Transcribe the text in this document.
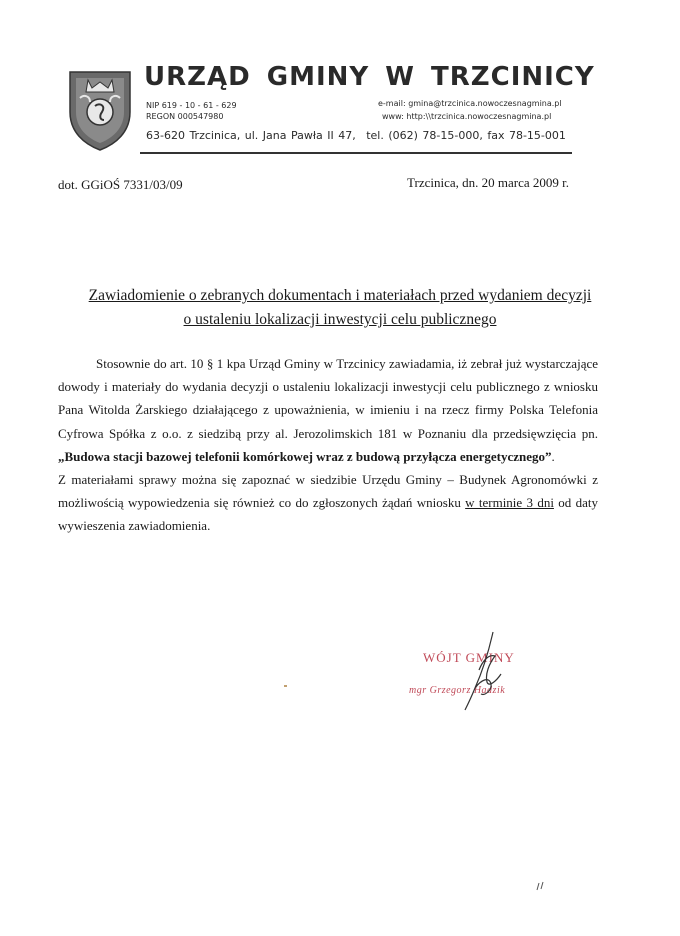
URZĄD GMINY W TRZCINICY
NIP 619 - 10 - 61 - 629
REGON 000547980
e-mail: gmina@trzcinica.nowoczesnagmina.pl
www: http:\\trzcinica.nowoczesnagmina.pl
63-620 Trzcinica, ul. Jana Pawła II 47, tel. (062) 78-15-000, fax 78-15-001
dot. GGiOŚ 7331/03/09	Trzcinica, dn. 20 marca 2009 r.
Zawiadomienie o zebranych dokumentach i materiałach przed wydaniem decyzji
o ustaleniu lokalizacji inwestycji celu publicznego

Stosownie do art. 10 § 1 kpa Urząd Gminy w Trzcinicy zawiadamia, iż zebrał już wystarczające dowody i materiały do wydania decyzji o ustaleniu lokalizacji inwestycji celu publicznego z wniosku Pana Witolda Żarskiego działającego z upoważnienia, w imieniu i na rzecz firmy Polska Telefonia Cyfrowa Spółka z o.o. z siedzibą przy al. Jerozolimskich 181 w Poznaniu dla przedsięwzięcia pn. „Budowa stacji bazowej telefonii komórkowej wraz z budową przyłącza energetycznego”.

Z materiałami sprawy można się zapoznać w siedzibie Urzędu Gminy – Budynek Agronomówki z możliwością wypowiedzenia się również co do zgłoszonych żądań wniosku w terminie 3 dni od daty wywieszenia zawiadomienia.

WÓJT GMINY
mgr Grzegorz Hadzik
